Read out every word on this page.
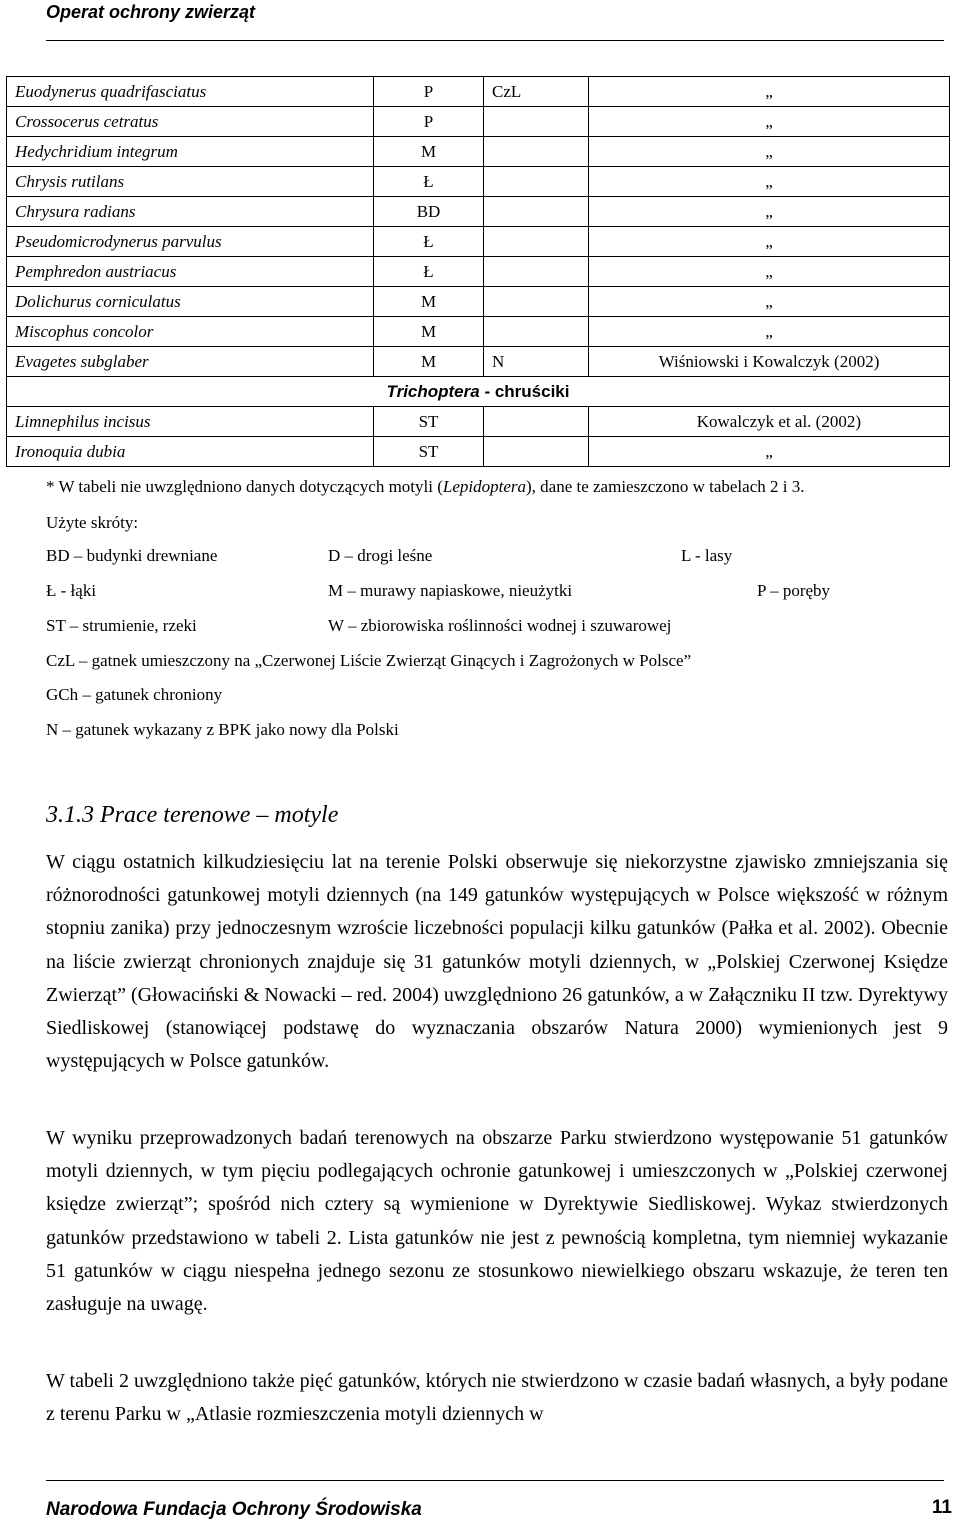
Operat ochrony zwierząt
Euodynerus quadrifasciatus	P	CzL	„
Crossocerus cetratus	P		„
Hedychridium integrum	M		„
Chrysis rutilans	Ł		„
Chrysura radians	BD		„
Pseudomicrodynerus parvulus	Ł		„
Pemphredon austriacus	Ł		„
Dolichurus corniculatus	M		„
Miscophus concolor	M		„
Evagetes subglaber	M	N	Wiśniowski i Kowalczyk (2002)
Trichoptera - chruściki			
Limnephilus incisus	ST		Kowalczyk et al. (2002)
Ironoquia dubia	ST		„
* W tabeli nie uwzględniono danych dotyczących motyli (Lepidoptera), dane te zamieszczono w tabelach 2 i 3.
Użyte skróty:
BD – budynki drewniane	D – drogi leśne	L - lasy
Ł - łąki	M – murawy napiaskowe, nieużytki	P – poręby
ST – strumienie, rzeki	W – zbiorowiska roślinności wodnej i szuwarowej
CzL – gatnek umieszczony na „Czerwonej Liście Zwierząt Ginących i Zagrożonych w Polsce”
GCh – gatunek chroniony
N – gatunek wykazany z BPK jako nowy dla Polski
3.1.3 Prace terenowe – motyle

W ciągu ostatnich kilkudziesięciu lat na terenie Polski obserwuje się niekorzystne zjawisko zmniejszania się różnorodności gatunkowej motyli dziennych (na 149 gatunków występujących w Polsce większość w różnym stopniu zanika) przy jednoczesnym wzroście liczebności populacji kilku gatunków (Pałka et al. 2002). Obecnie na liście zwierząt chronionych znajduje się 31 gatunków motyli dziennych, w „Polskiej Czerwonej Księdze Zwierząt” (Głowaciński & Nowacki – red. 2004) uwzględniono 26 gatunków, a w Załączniku II tzw. Dyrektywy Siedliskowej (stanowiącej podstawę do wyznaczania obszarów Natura 2000) wymienionych jest 9 występujących w Polsce gatunków.

W wyniku przeprowadzonych badań terenowych na obszarze Parku stwierdzono występowanie 51 gatunków motyli dziennych, w tym pięciu podlegających ochronie gatunkowej i umieszczonych w „Polskiej czerwonej księdze zwierząt”; spośród nich cztery są wymienione w Dyrektywie Siedliskowej. Wykaz stwierdzonych gatunków przedstawiono w tabeli 2. Lista gatunków nie jest z pewnością kompletna, tym niemniej wykazanie 51 gatunków w ciągu niespełna jednego sezonu ze stosunkowo niewielkiego obszaru wskazuje, że teren ten zasługuje na uwagę.

W tabeli 2 uwzględniono także pięć gatunków, których nie stwierdzono w czasie badań własnych, a były podane z terenu Parku w „Atlasie rozmieszczenia motyli dziennych w

Narodowa Fundacja Ochrony Środowiska	11
